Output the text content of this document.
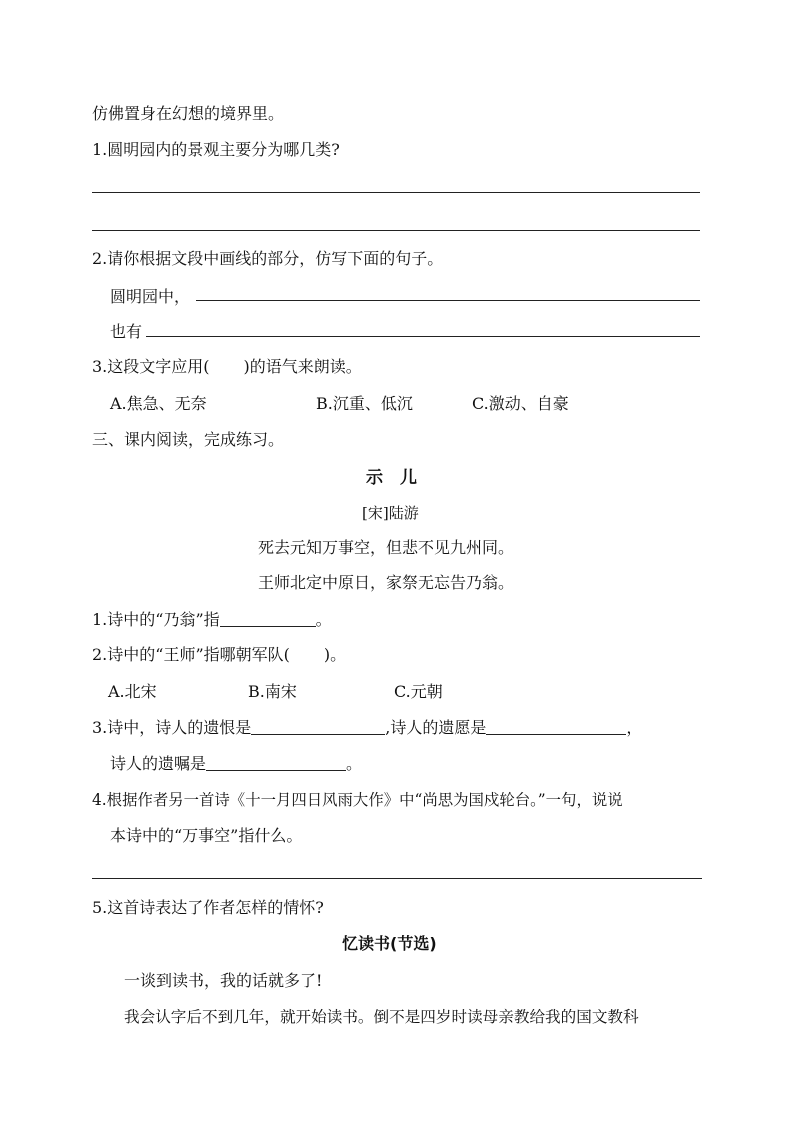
仿佛置身在幻想的境界里。
1.圆明园内的景观主要分为哪几类?
2.请你根据文段中画线的部分，仿写下面的句子。
圆明园中，
也有
3.这段文字应用( )的语气来朗读。
A.焦急、无奈	B.沉重、低沉	C.激动、自豪
三、课内阅读，完成练习。
示　儿
[宋]陆游
死去元知万事空，但悲不见九州同。
王师北定中原日，家祭无忘告乃翁。
1.诗中的“乃翁”指	。
2.诗中的“王师”指哪朝军队( )。
A.北宋	B.南宋	C.元朝
3.诗中，诗人的遗恨是	,诗人的遗愿是	，
诗人的遗嘱是	。
4.根据作者另一首诗《十一月四日风雨大作》中“尚思为国戍轮台。”一句，说说
本诗中的“万事空”指什么。
5.这首诗表达了作者怎样的情怀?
忆读书(节选)
一谈到读书，我的话就多了!
我会认字后不到几年，就开始读书。倒不是四岁时读母亲教给我的国文教科
